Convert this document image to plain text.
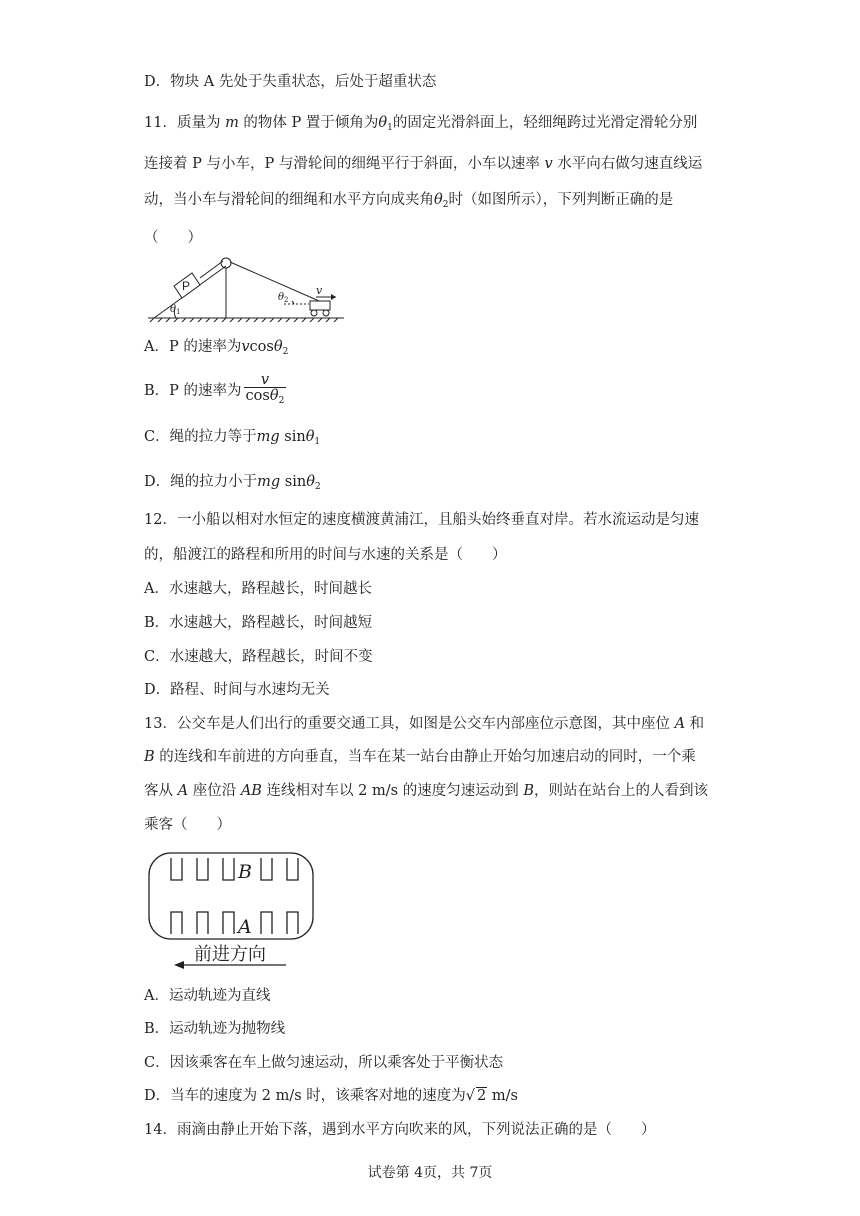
D．物块 A 先处于失重状态，后处于超重状态
11．质量为 m 的物体 P 置于倾角为$\theta_1$的固定光滑斜面上，轻细绳跨过光滑定滑轮分别
连接着 P 与小车，P 与滑轮间的细绳平行于斜面，小车以速率 v 水平向右做匀速直线运
动，当小车与滑轮间的细绳和水平方向成夹角$\theta_2$时（如图所示），下列判断正确的是
（　　）
P
$\theta_1$
$\theta_2$
v
A．P 的速率为vcosθ$_2$
B．P 的速率为 $\frac{v}{\cos\theta_2}$
C．绳的拉力等于mg sinθ$_1$
D．绳的拉力小于mg sinθ$_2$
12．一小船以相对水恒定的速度横渡黄浦江，且船头始终垂直对岸。若水流运动是匀速
的，船渡江的路程和所用的时间与水速的关系是（　　）
A．水速越大，路程越长，时间越长
B．水速越大，路程越长，时间越短
C．水速越大，路程越长，时间不变
D．路程、时间与水速均无关
13．公交车是人们出行的重要交通工具，如图是公交车内部座位示意图，其中座位 A 和
B 的连线和车前进的方向垂直，当车在某一站台由静止开始匀加速启动的同时，一个乘
客从 A 座位沿 AB 连线相对车以 2 m/s 的速度匀速运动到 B，则站在站台上的人看到该
乘客（　　）
B
A
前进方向
A．运动轨迹为直线
B．运动轨迹为抛物线
C．因该乘客在车上做匀速运动，所以乘客处于平衡状态
D．当车的速度为 2 m/s 时，该乘客对地的速度为√ 2 m/s
14．雨滴由静止开始下落，遇到水平方向吹来的风，下列说法正确的是（　　）
试卷第 4页，共 7页
